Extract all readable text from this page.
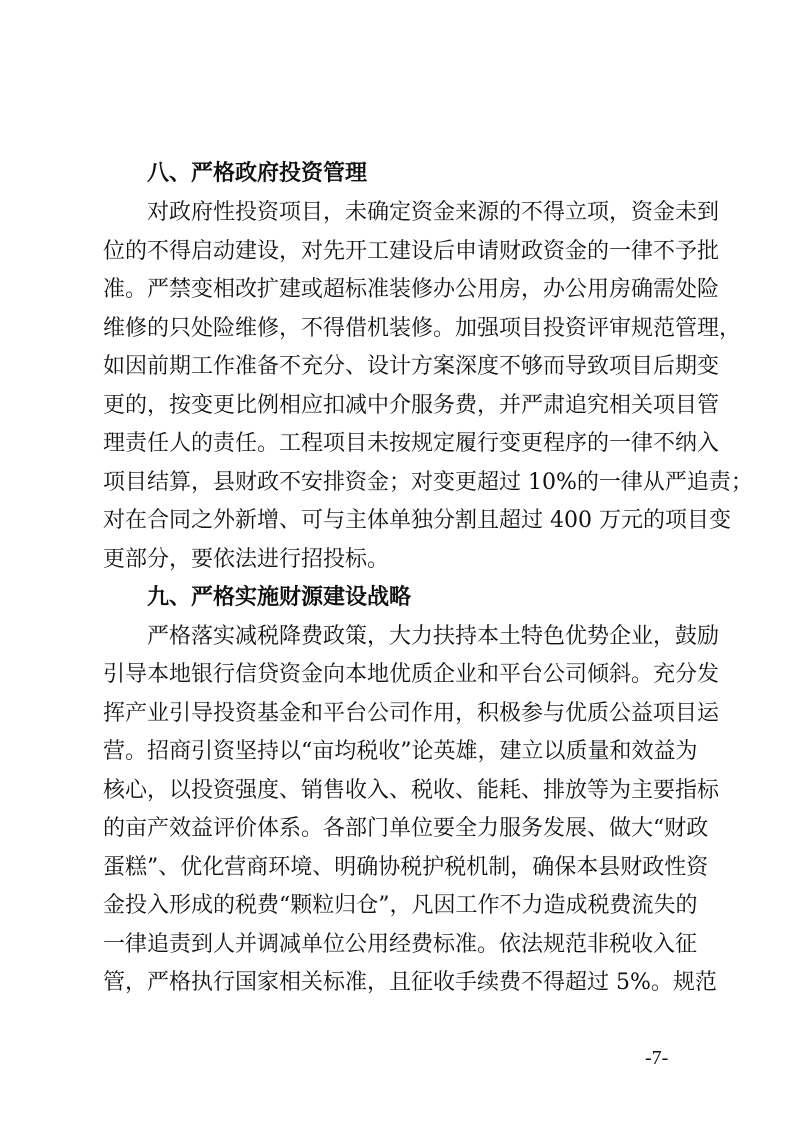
八、严格政府投资管理
对政府性投资项目，未确定资金来源的不得立项，资金未到
位的不得启动建设，对先开工建设后申请财政资金的一律不予批
准。严禁变相改扩建或超标准装修办公用房，办公用房确需处险
维修的只处险维修，不得借机装修。加强项目投资评审规范管理，
如因前期工作准备不充分、设计方案深度不够而导致项目后期变
更的，按变更比例相应扣减中介服务费，并严肃追究相关项目管
理责任人的责任。工程项目未按规定履行变更程序的一律不纳入
项目结算，县财政不安排资金；对变更超过 10%的一律从严追责；
对在合同之外新增、可与主体单独分割且超过 400 万元的项目变
更部分，要依法进行招投标。
九、严格实施财源建设战略
严格落实减税降费政策，大力扶持本土特色优势企业，鼓励
引导本地银行信贷资金向本地优质企业和平台公司倾斜。充分发
挥产业引导投资基金和平台公司作用，积极参与优质公益项目运
营。招商引资坚持以“亩均税收”论英雄，建立以质量和效益为
核心，以投资强度、销售收入、税收、能耗、排放等为主要指标
的亩产效益评价体系。各部门单位要全力服务发展、做大“财政
蛋糕”、优化营商环境、明确协税护税机制，确保本县财政性资
金投入形成的税费“颗粒归仓”，凡因工作不力造成税费流失的
一律追责到人并调减单位公用经费标准。依法规范非税收入征
管，严格执行国家相关标准，且征收手续费不得超过 5%。规范
-7-
